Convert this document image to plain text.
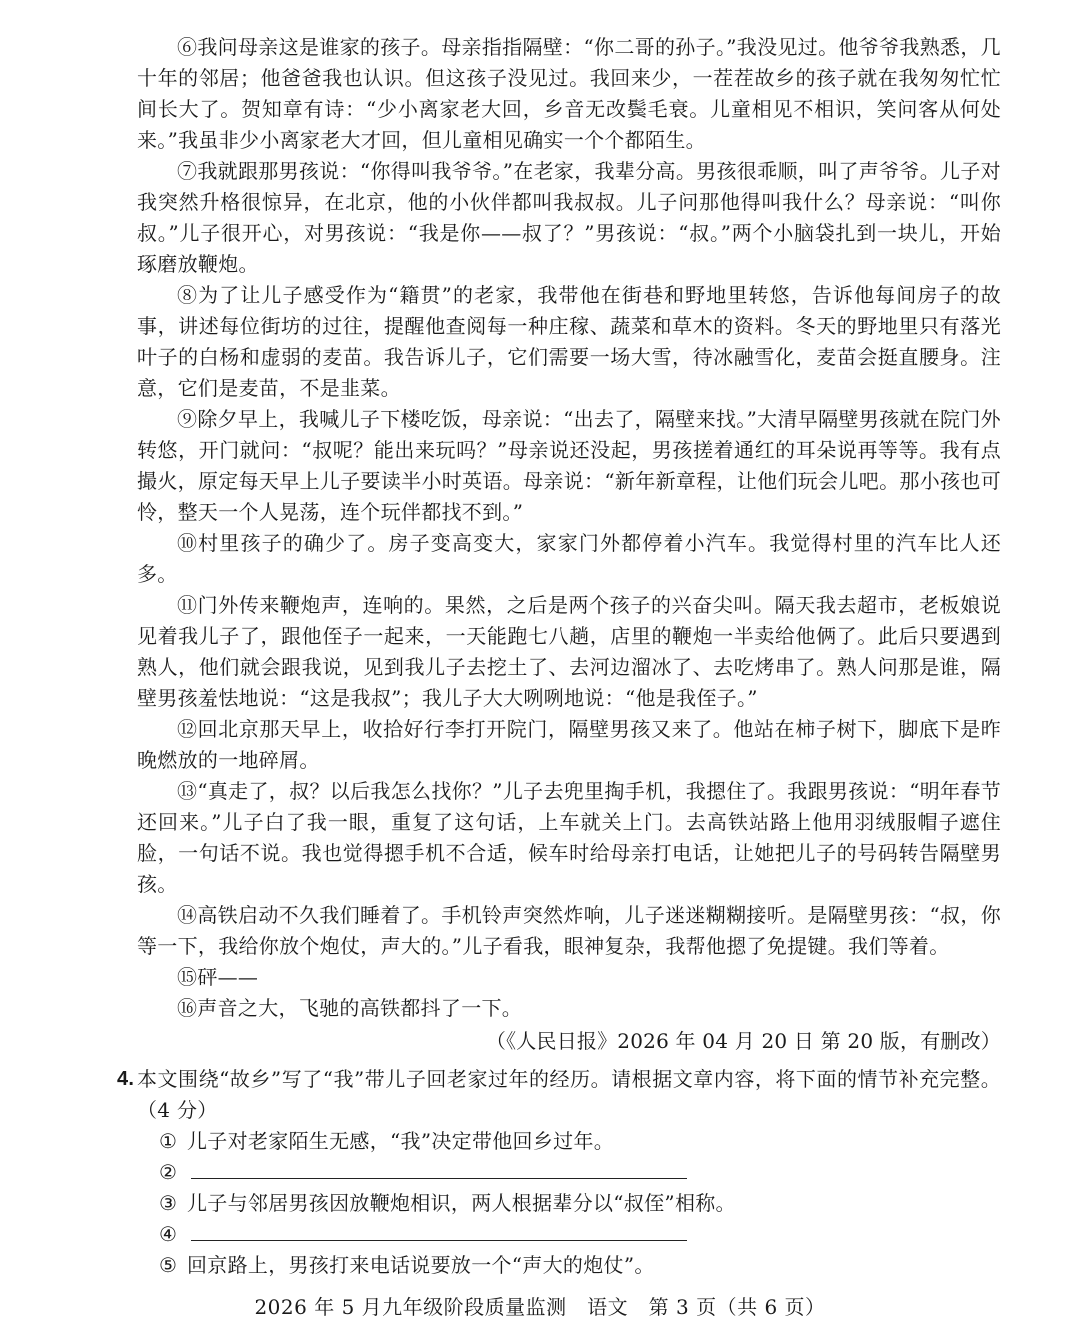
⑥我问母亲这是谁家的孩子。母亲指指隔壁：“你二哥的孙子。”我没见过。他爷爷我熟悉，几十年的邻居；他爸爸我也认识。但这孩子没见过。我回来少，一茬茬故乡的孩子就在我匆匆忙忙间长大了。贺知章有诗：“少小离家老大回，乡音无改鬓毛衰。儿童相见不相识，笑问客从何处来。”我虽非少小离家老大才回，但儿童相见确实一个个都陌生。

⑦我就跟那男孩说：“你得叫我爷爷。”在老家，我辈分高。男孩很乖顺，叫了声爷爷。儿子对我突然升格很惊异，在北京，他的小伙伴都叫我叔叔。儿子问那他得叫我什么？母亲说：“叫你叔。”儿子很开心，对男孩说：“我是你——叔了？”男孩说：“叔。”两个小脑袋扎到一块儿，开始琢磨放鞭炮。

⑧为了让儿子感受作为“籍贯”的老家，我带他在街巷和野地里转悠，告诉他每间房子的故事，讲述每位街坊的过往，提醒他查阅每一种庄稼、蔬菜和草木的资料。冬天的野地里只有落光叶子的白杨和虚弱的麦苗。我告诉儿子，它们需要一场大雪，待冰融雪化，麦苗会挺直腰身。注意，它们是麦苗，不是韭菜。

⑨除夕早上，我喊儿子下楼吃饭，母亲说：“出去了，隔壁来找。”大清早隔壁男孩就在院门外转悠，开门就问：“叔呢？能出来玩吗？”母亲说还没起，男孩搓着通红的耳朵说再等等。我有点撮火，原定每天早上儿子要读半小时英语。母亲说：“新年新章程，让他们玩会儿吧。那小孩也可怜，整天一个人晃荡，连个玩伴都找不到。”

⑩村里孩子的确少了。房子变高变大，家家门外都停着小汽车。我觉得村里的汽车比人还多。

⑪门外传来鞭炮声，连响的。果然，之后是两个孩子的兴奋尖叫。隔天我去超市，老板娘说见着我儿子了，跟他侄子一起来，一天能跑七八趟，店里的鞭炮一半卖给他俩了。此后只要遇到熟人，他们就会跟我说，见到我儿子去挖土了、去河边溜冰了、去吃烤串了。熟人问那是谁，隔壁男孩羞怯地说：“这是我叔”；我儿子大大咧咧地说：“他是我侄子。”

⑫回北京那天早上，收拾好行李打开院门，隔壁男孩又来了。他站在柿子树下，脚底下是昨晚燃放的一地碎屑。

⑬“真走了，叔？以后我怎么找你？”儿子去兜里掏手机，我摁住了。我跟男孩说：“明年春节还回来。”儿子白了我一眼，重复了这句话，上车就关上门。去高铁站路上他用羽绒服帽子遮住脸，一句话不说。我也觉得摁手机不合适，候车时给母亲打电话，让她把儿子的号码转告隔壁男孩。

⑭高铁启动不久我们睡着了。手机铃声突然炸响，儿子迷迷糊糊接听。是隔壁男孩：“叔，你等一下，我给你放个炮仗，声大的。”儿子看我，眼神复杂，我帮他摁了免提键。我们等着。

⑮砰——

⑯声音之大，飞驰的高铁都抖了一下。

（《人民日报》2026 年 04 月 20 日 第 20 版，有删改）

4. 本文围绕“故乡”写了“我”带儿子回老家过年的经历。请根据文章内容，将下面的情节补充完整。（4 分）

① 儿子对老家陌生无感，“我”决定带他回乡过年。
②
③ 儿子与邻居男孩因放鞭炮相识，两人根据辈分以“叔侄”相称。
④
⑤ 回京路上，男孩打来电话说要放一个“声大的炮仗”。
2026 年 5 月九年级阶段质量监测　语文　第 3 页（共 6 页）
